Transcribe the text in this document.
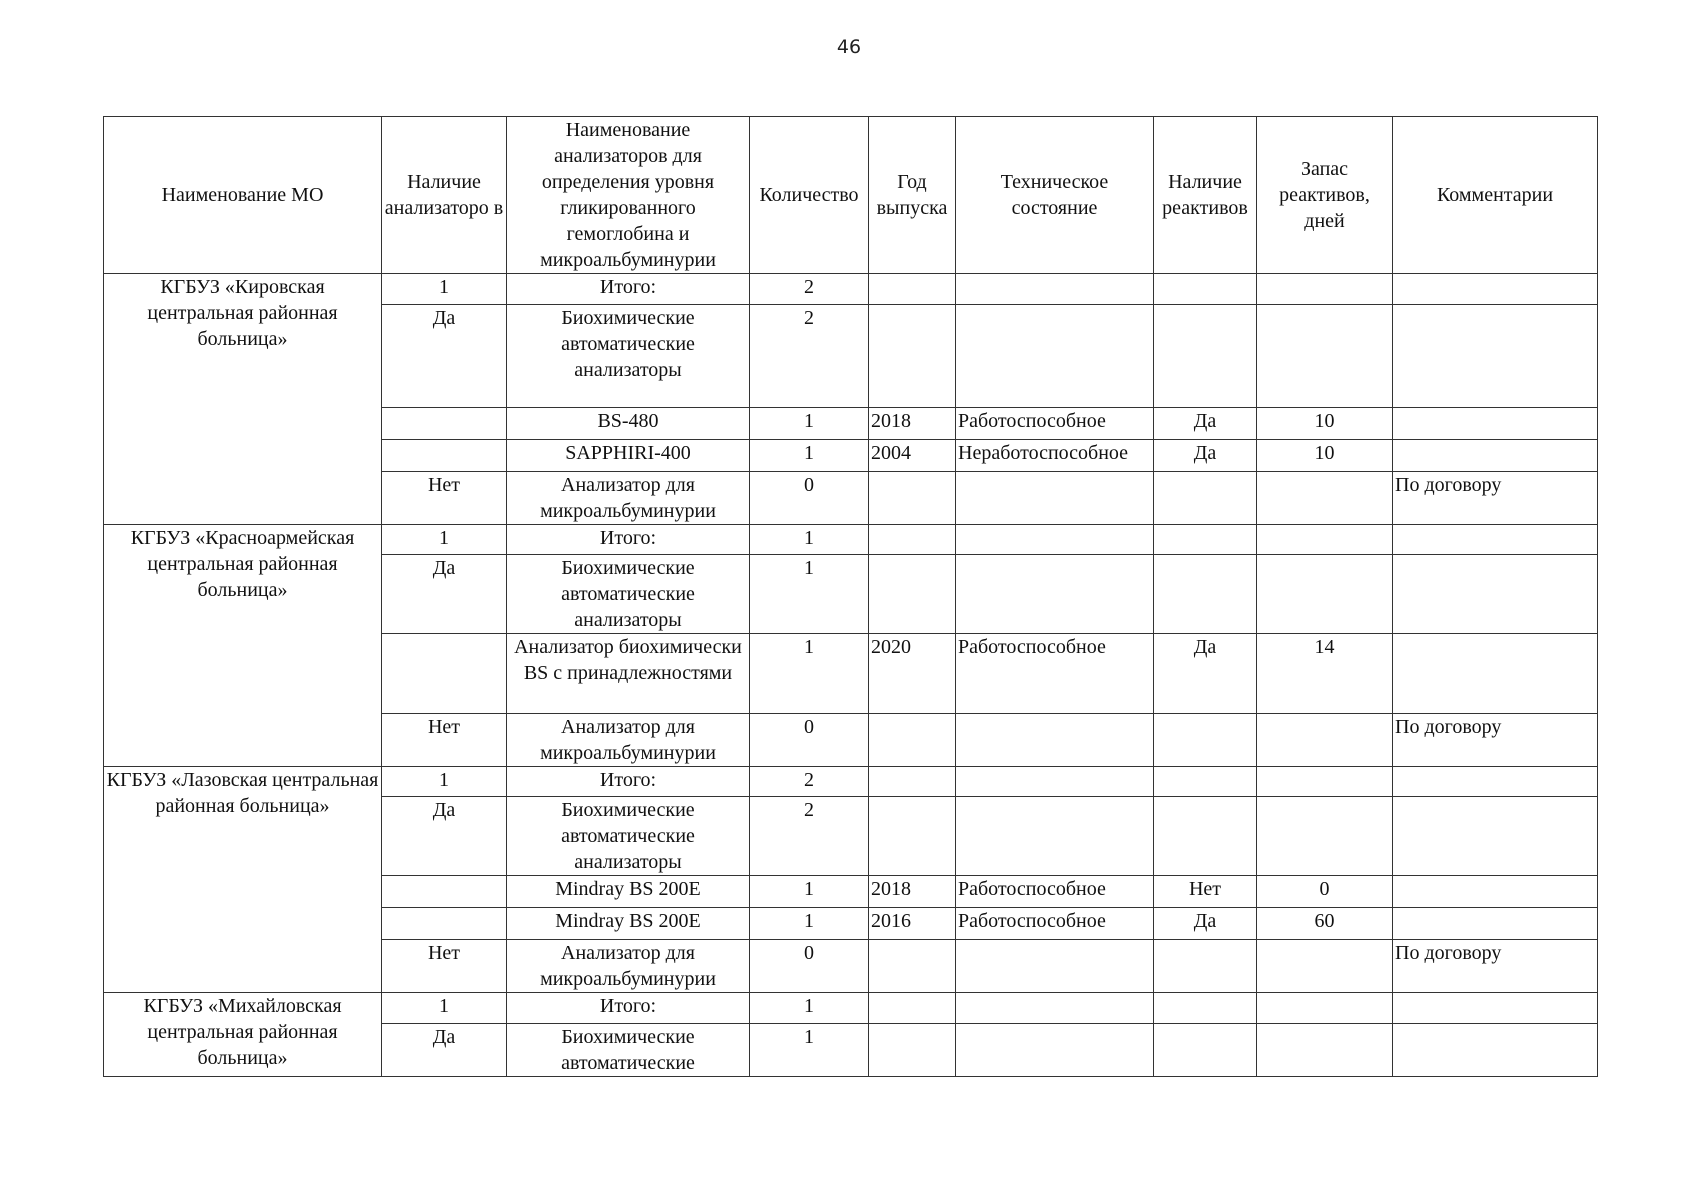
46
Наименование МО	Наличие анализаторо в	Наименование анализаторов для определения уровня гликированного гемоглобина и микроальбуминурии	Количество	Год выпуска	Техническое состояние	Наличие реактивов	Запас реактивов, дней	Комментарии
КГБУЗ «Кировская центральная районная больница»	1	Итого:	2					
	Да	Биохимические автоматические анализаторы	2					
		BS-480	1	2018	Работоспособное	Да	10	
		SAPPHIRI-400	1	2004	Неработоспособное	Да	10	
	Нет	Анализатор для микроальбуминурии	0					По договору
КГБУЗ «Красноармейская центральная районная больница»	1	Итого:	1					
	Да	Биохимические автоматические анализаторы	1					
		Анализатор биохимически BS с принадлежностями	1	2020	Работоспособное	Да	14	
	Нет	Анализатор для микроальбуминурии	0					По договору
КГБУЗ «Лазовская центральная районная больница»	1	Итого:	2					
	Да	Биохимические автоматические анализаторы	2					
		Mindray BS 200E	1	2018	Работоспособное	Нет	0	
		Mindray BS 200E	1	2016	Работоспособное	Да	60	
	Нет	Анализатор для микроальбуминурии	0					По договору
КГБУЗ «Михайловская центральная районная больница»	1	Итого:	1					
	Да	Биохимические автоматические	1					
